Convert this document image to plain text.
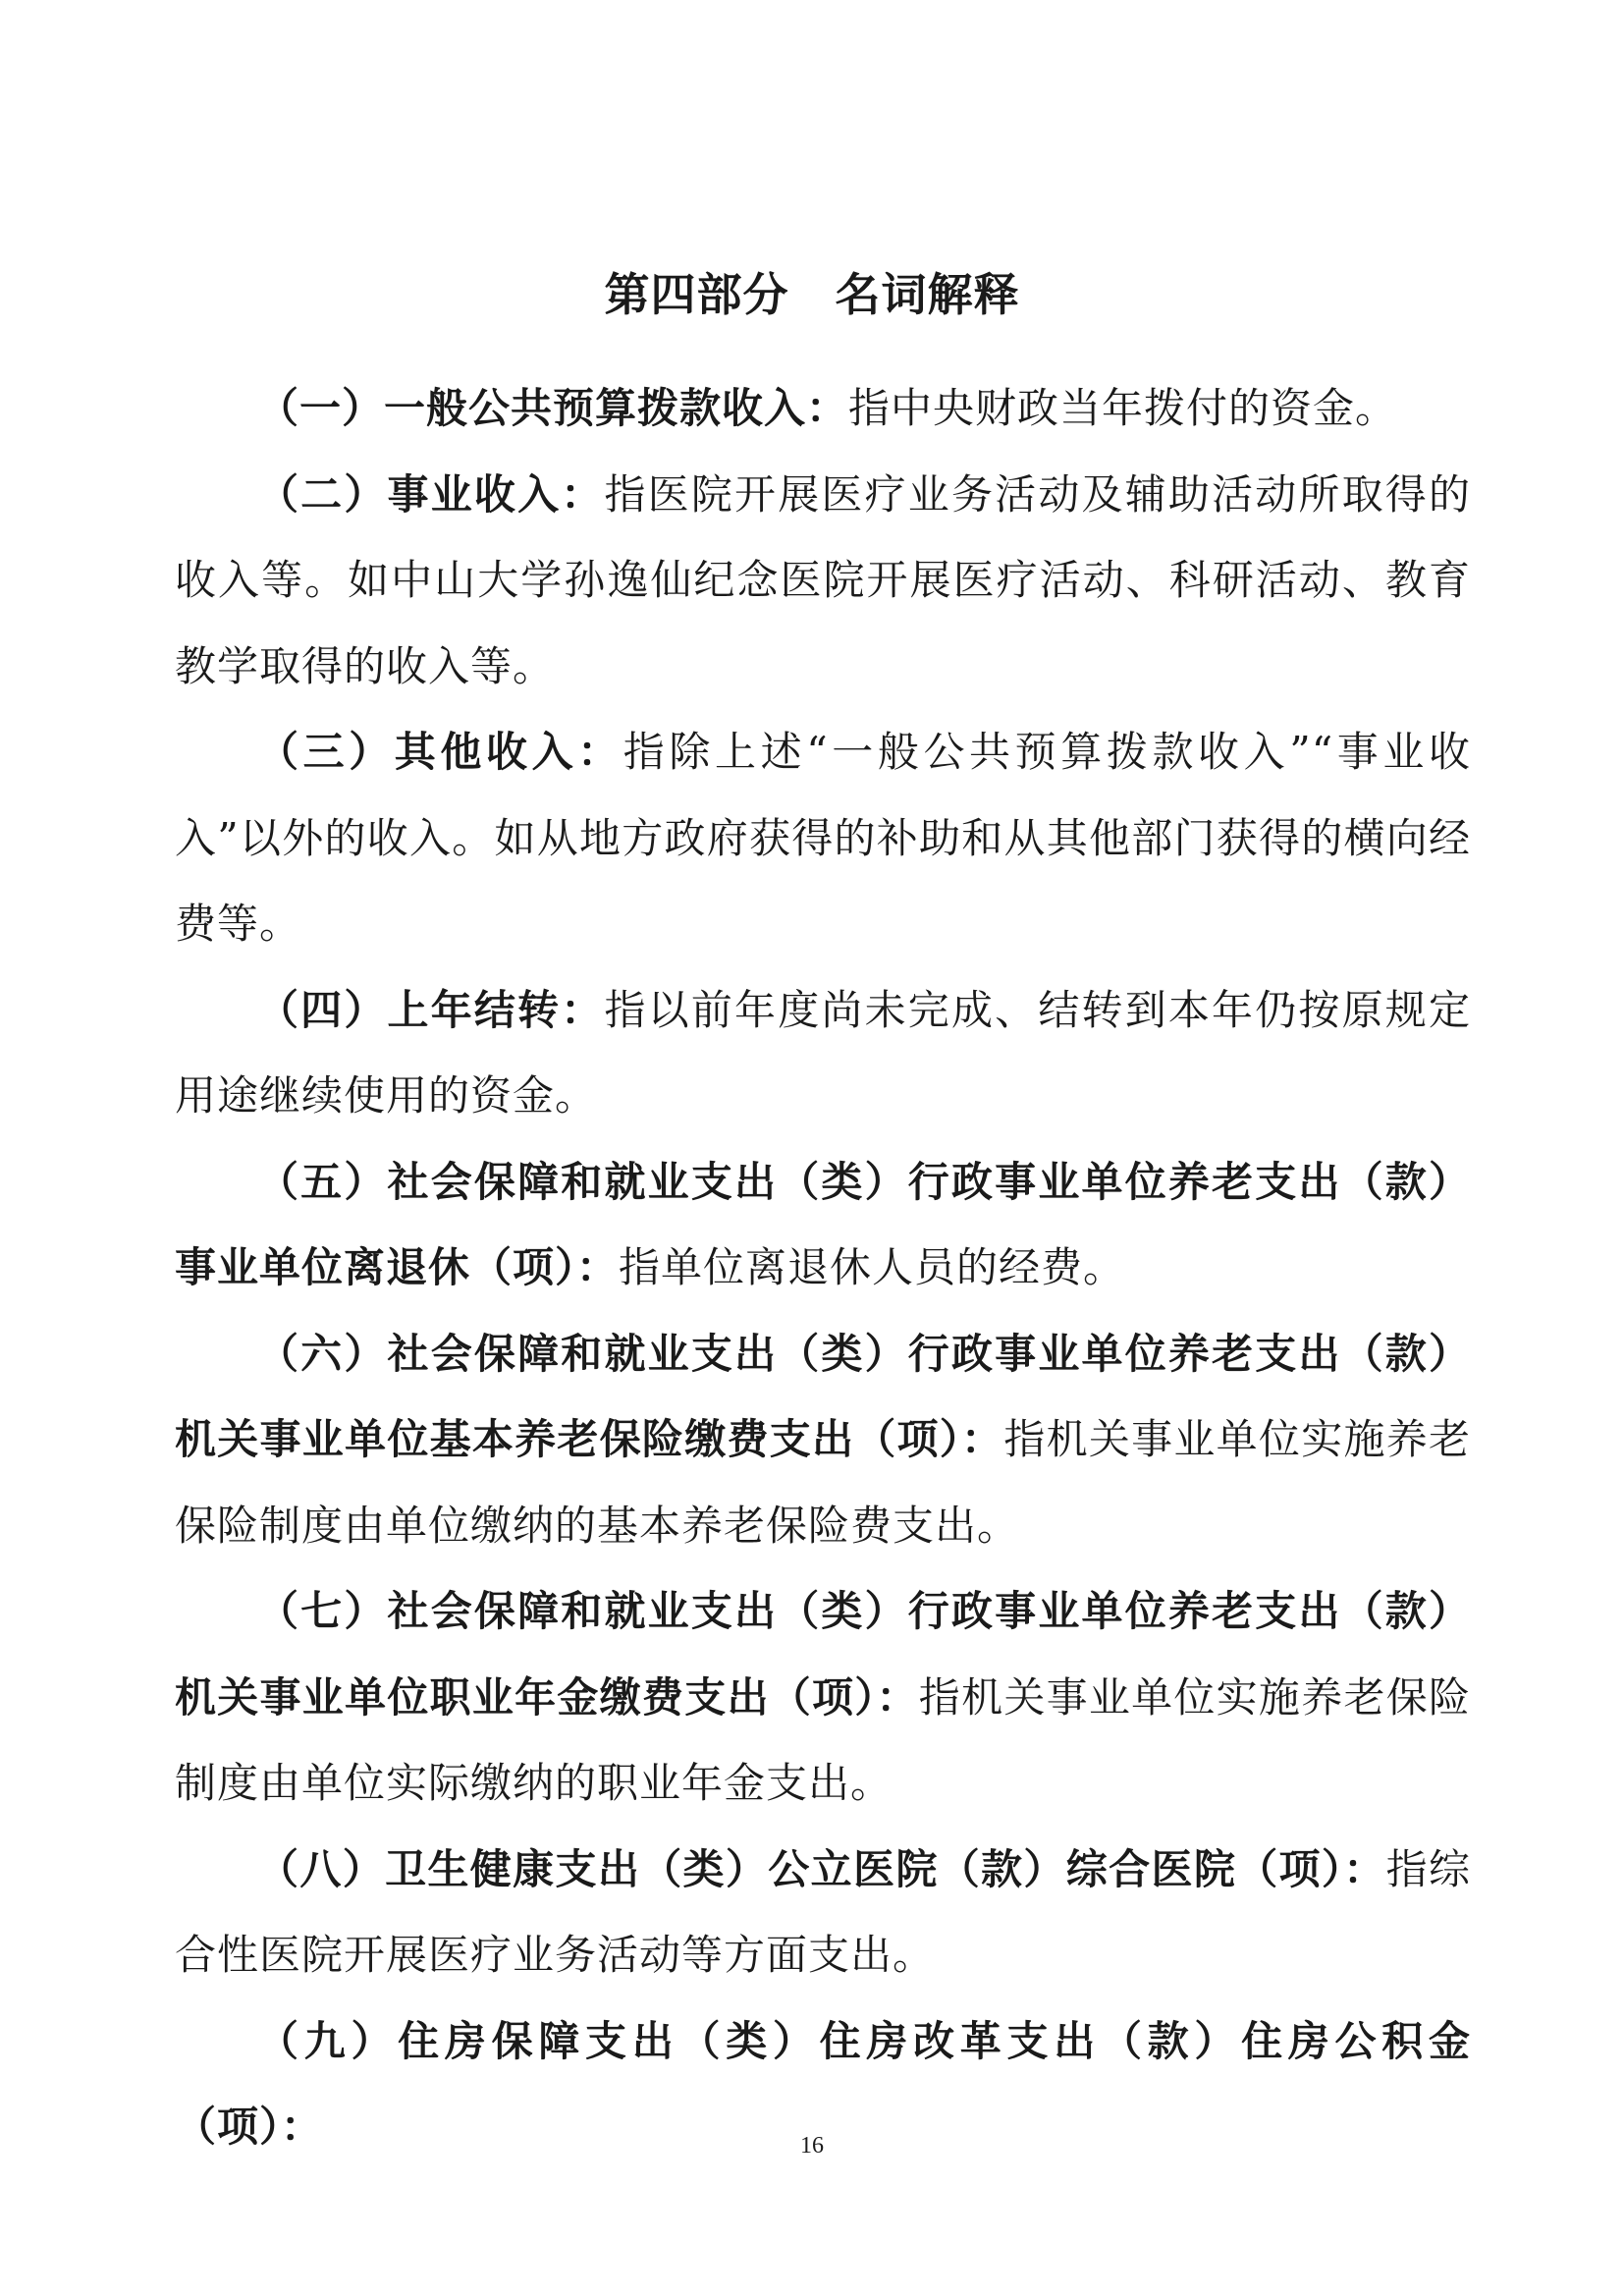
第四部分　名词解释

（一）一般公共预算拨款收入：指中央财政当年拨付的资金。

（二）事业收入：指医院开展医疗业务活动及辅助活动所取得的收入等。如中山大学孙逸仙纪念医院开展医疗活动、科研活动、教育教学取得的收入等。

（三）其他收入：指除上述“一般公共预算拨款收入”“事业收入”以外的收入。如从地方政府获得的补助和从其他部门获得的横向经费等。

（四）上年结转：指以前年度尚未完成、结转到本年仍按原规定用途继续使用的资金。

（五）社会保障和就业支出（类）行政事业单位养老支出（款）事业单位离退休（项）：指单位离退休人员的经费。

（六）社会保障和就业支出（类）行政事业单位养老支出（款）机关事业单位基本养老保险缴费支出（项）：指机关事业单位实施养老保险制度由单位缴纳的基本养老保险费支出。

（七）社会保障和就业支出（类）行政事业单位养老支出（款）机关事业单位职业年金缴费支出（项）：指机关事业单位实施养老保险制度由单位实际缴纳的职业年金支出。

（八）卫生健康支出（类）公立医院（款）综合医院（项）：指综合性医院开展医疗业务活动等方面支出。

（九）住房保障支出（类）住房改革支出（款）住房公积金（项）：	16
